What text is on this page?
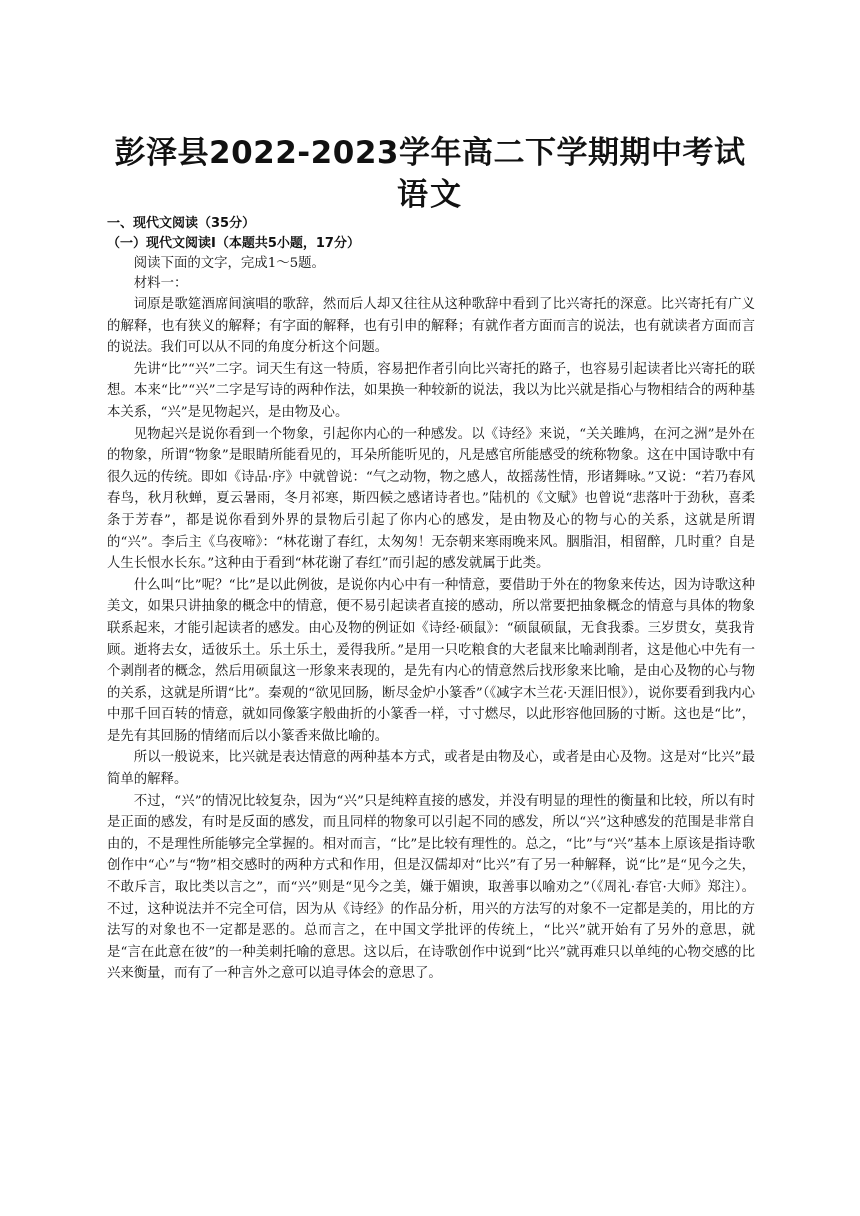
彭泽县2022-2023学年高二下学期期中考试
语文

一、现代文阅读（35分）

（一）现代文阅读Ⅰ（本题共5小题，17分）

阅读下面的文字，完成1～5题。

材料一：

词原是歌筵酒席间演唱的歌辞，然而后人却又往往从这种歌辞中看到了比兴寄托的深意。比兴寄托有广义的解释，也有狭义的解释；有字面的解释，也有引申的解释；有就作者方面而言的说法，也有就读者方面而言的说法。我们可以从不同的角度分析这个问题。

先讲“比”“兴”二字。词天生有这一特质，容易把作者引向比兴寄托的路子，也容易引起读者比兴寄托的联想。本来“比”“兴”二字是写诗的两种作法，如果换一种较新的说法，我以为比兴就是指心与物相结合的两种基本关系，“兴”是见物起兴，是由物及心。

见物起兴是说你看到一个物象，引起你内心的一种感发。以《诗经》来说，“关关雎鸠，在河之洲”是外在的物象，所谓“物象”是眼睛所能看见的，耳朵所能听见的，凡是感官所能感受的统称物象。这在中国诗歌中有很久远的传统。即如《诗品·序》中就曾说：“气之动物，物之感人，故摇荡性情，形诸舞咏。”又说：“若乃春风春鸟，秋月秋蝉，夏云暑雨，冬月祁寒，斯四候之感诸诗者也。”陆机的《文赋》也曾说“悲落叶于劲秋，喜柔条于芳春”，都是说你看到外界的景物后引起了你内心的感发，是由物及心的物与心的关系，这就是所谓的“兴”。李后主《乌夜啼》：“林花谢了春红，太匆匆！无奈朝来寒雨晚来风。胭脂泪，相留醉，几时重？自是人生长恨水长东。”这种由于看到“林花谢了春红”而引起的感发就属于此类。

什么叫“比”呢？“比”是以此例彼，是说你内心中有一种情意，要借助于外在的物象来传达，因为诗歌这种美文，如果只讲抽象的概念中的情意，便不易引起读者直接的感动，所以常要把抽象概念的情意与具体的物象联系起来，才能引起读者的感发。由心及物的例证如《诗经·硕鼠》：“硕鼠硕鼠，无食我黍。三岁贯女，莫我肯顾。逝将去女，适彼乐土。乐土乐土，爰得我所。”是用一只吃粮食的大老鼠来比喻剥削者，这是他心中先有一个剥削者的概念，然后用硕鼠这一形象来表现的，是先有内心的情意然后找形象来比喻，是由心及物的心与物的关系，这就是所谓“比”。秦观的“欲见回肠，断尽金炉小篆香”（《减字木兰花·天涯旧恨》），说你要看到我内心中那千回百转的情意，就如同像篆字般曲折的小篆香一样，寸寸燃尽，以此形容他回肠的寸断。这也是“比”，是先有其回肠的情绪而后以小篆香来做比喻的。

所以一般说来，比兴就是表达情意的两种基本方式，或者是由物及心，或者是由心及物。这是对“比兴”最简单的解释。

不过，“兴”的情况比较复杂，因为“兴”只是纯粹直接的感发，并没有明显的理性的衡量和比较，所以有时是正面的感发，有时是反面的感发，而且同样的物象可以引起不同的感发，所以“兴”这种感发的范围是非常自由的，不是理性所能够完全掌握的。相对而言，“比”是比较有理性的。总之，“比”与“兴”基本上原该是指诗歌创作中“心”与“物”相交感时的两种方式和作用，但是汉儒却对“比兴”有了另一种解释，说“比”是“见今之失，不敢斥言，取比类以言之”，而“兴”则是“见今之美，嫌于媚谀，取善事以喻劝之”（《周礼·春官·大师》郑注）。不过，这种说法并不完全可信，因为从《诗经》的作品分析，用兴的方法写的对象不一定都是美的，用比的方法写的对象也不一定都是恶的。总而言之，在中国文学批评的传统上，“比兴”就开始有了另外的意思，就是“言在此意在彼”的一种美刺托喻的意思。这以后，在诗歌创作中说到“比兴”就再难只以单纯的心物交感的比兴来衡量，而有了一种言外之意可以追寻体会的意思了。
